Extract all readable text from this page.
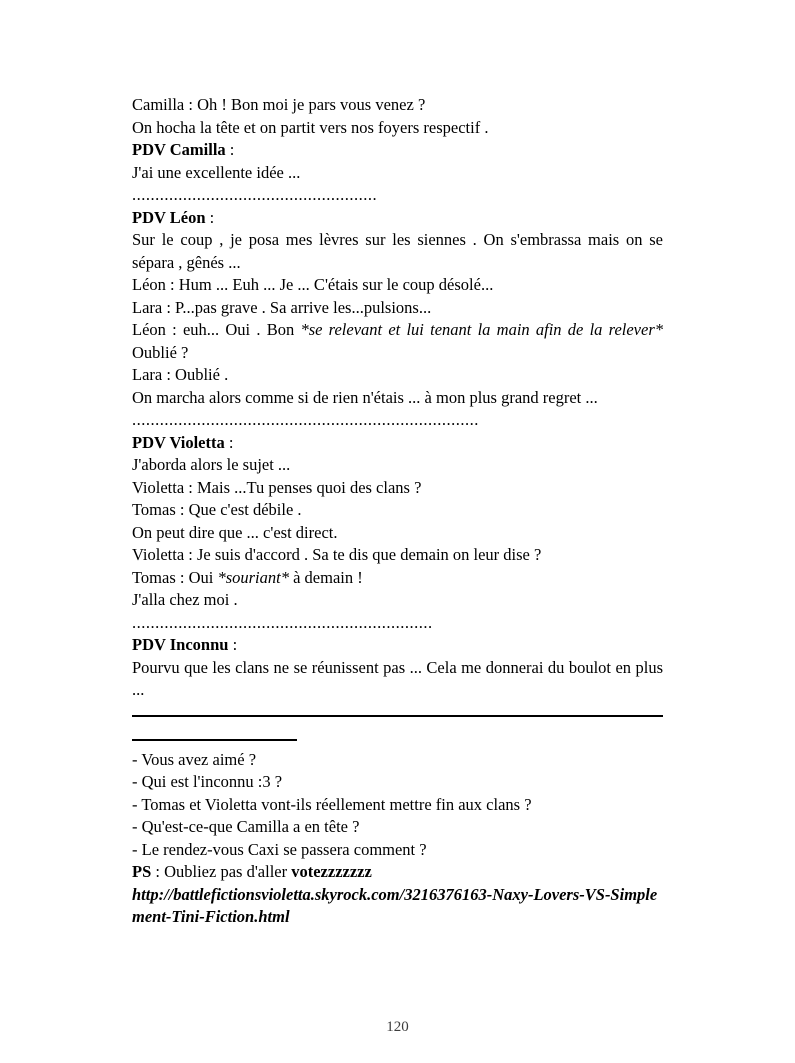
Camilla : Oh ! Bon moi je pars vous venez ?

On hocha la tête et on partit vers nos foyers respectif .

PDV Camilla :

J'ai une excellente idée ...

.....................................................

PDV Léon :

Sur le coup , je posa mes lèvres sur les siennes . On s'embrassa mais on se

sépara , gênés ...

Léon : Hum ... Euh ... Je ... C'étais sur le coup désolé...

Lara : P...pas grave . Sa arrive les...pulsions...

Léon : euh... Oui . Bon *se relevant et lui tenant la main afin de la relever*

Oublié ?

Lara : Oublié .

On marcha alors comme si de rien n'étais ... à mon plus grand regret ...

...........................................................................

PDV Violetta :

J'aborda alors le sujet ...

Violetta : Mais ...Tu penses quoi des clans ?

Tomas : Que c'est débile .

On peut dire que ... c'est direct.

Violetta : Je suis d'accord . Sa te dis que demain on leur dise ?

Tomas : Oui *souriant* à demain !

J'alla chez moi .

.................................................................

PDV Inconnu :

Pourvu que les clans ne se réunissent pas ... Cela me donnerai du boulot en plus

...

- Vous avez aimé ?

- Qui est l'inconnu :3 ?

- Tomas et Violetta vont-ils réellement mettre fin aux clans ?

- Qu'est-ce-que Camilla a en tête ?

- Le rendez-vous Caxi se passera comment ?

PS : Oubliez pas d'aller votezzzzzzz

http://battlefictionsvioletta.skyrock.com/3216376163-Naxy-Lovers-VS-Simple

ment-Tini-Fiction.html

120
